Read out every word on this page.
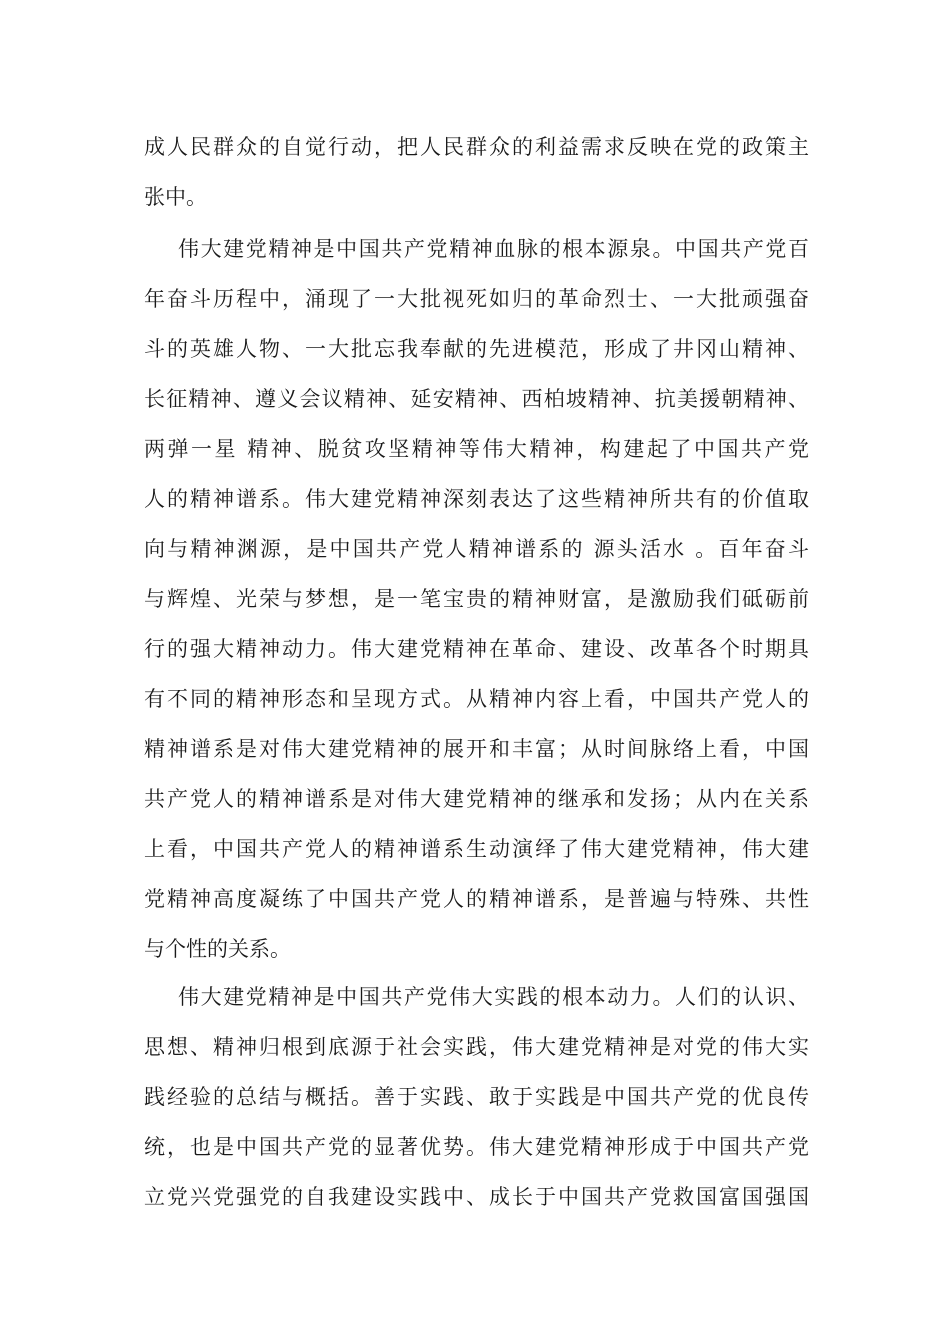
成人民群众的自觉行动，把人民群众的利益需求反映在党的政策主
张中。
伟大建党精神是中国共产党精神血脉的根本源泉。中国共产党百
年奋斗历程中，涌现了一大批视死如归的革命烈士、一大批顽强奋
斗的英雄人物、一大批忘我奉献的先进模范，形成了井冈山精神、
长征精神、遵义会议精神、延安精神、西柏坡精神、抗美援朝精神、
两弹一星 精神、脱贫攻坚精神等伟大精神，构建起了中国共产党
人的精神谱系。伟大建党精神深刻表达了这些精神所共有的价值取
向与精神渊源，是中国共产党人精神谱系的 源头活水 。百年奋斗
与辉煌、光荣与梦想，是一笔宝贵的精神财富，是激励我们砥砺前
行的强大精神动力。伟大建党精神在革命、建设、改革各个时期具
有不同的精神形态和呈现方式。从精神内容上看，中国共产党人的
精神谱系是对伟大建党精神的展开和丰富；从时间脉络上看，中国
共产党人的精神谱系是对伟大建党精神的继承和发扬；从内在关系
上看，中国共产党人的精神谱系生动演绎了伟大建党精神，伟大建
党精神高度凝练了中国共产党人的精神谱系，是普遍与特殊、共性
与个性的关系。
伟大建党精神是中国共产党伟大实践的根本动力。人们的认识、
思想、精神归根到底源于社会实践，伟大建党精神是对党的伟大实
践经验的总结与概括。善于实践、敢于实践是中国共产党的优良传
统，也是中国共产党的显著优势。伟大建党精神形成于中国共产党
立党兴党强党的自我建设实践中、成长于中国共产党救国富国强国
